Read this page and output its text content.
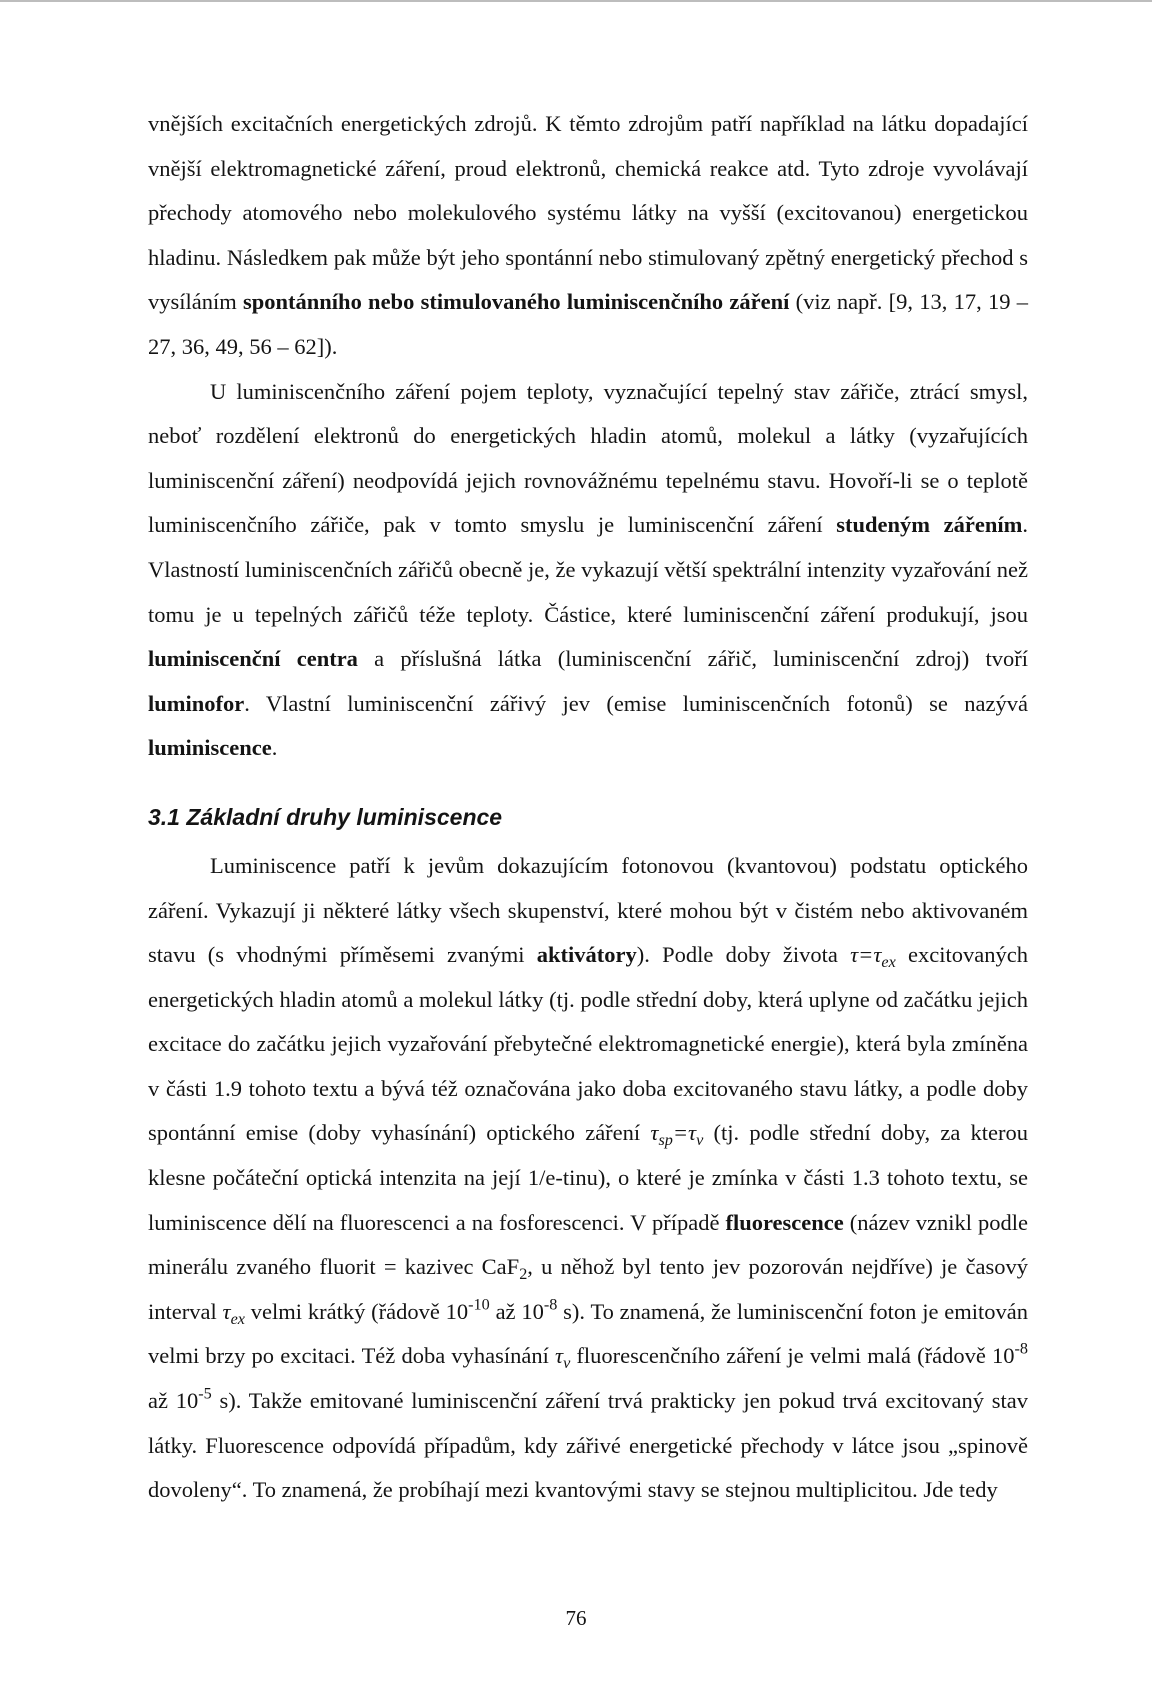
vnějších excitačních energetických zdrojů. K těmto zdrojům patří například na látku dopadající vnější elektromagnetické záření, proud elektronů, chemická reakce atd. Tyto zdroje vyvolávají přechody atomového nebo molekulového systému látky na vyšší (excitovanou) energetickou hladinu. Následkem pak může být jeho spontánní nebo stimulovaný zpětný energetický přechod s vysíláním spontánního nebo stimulovaného luminiscenčního záření (viz např. [9, 13, 17, 19 – 27, 36, 49, 56 – 62]).

U luminiscenčního záření pojem teploty, vyznačující tepelný stav zářiče, ztrácí smysl, neboť rozdělení elektronů do energetických hladin atomů, molekul a látky (vyzařujících luminiscenční záření) neodpovídá jejich rovnovážnému tepelnému stavu. Hovoří-li se o teplotě luminiscenčního zářiče, pak v tomto smyslu je luminiscenční záření studeným zářením. Vlastností luminiscenčních zářičů obecně je, že vykazují větší spektrální intenzity vyzařování než tomu je u tepelných zářičů téže teploty. Částice, které luminiscenční záření produkují, jsou luminiscenční centra a příslušná látka (luminiscenční zářič, luminiscenční zdroj) tvoří luminofor. Vlastní luminiscenční zářivý jev (emise luminiscenčních fotonů) se nazývá luminiscence.

3.1 Základní druhy luminiscence

Luminiscence patří k jevům dokazujícím fotonovou (kvantovou) podstatu optického záření. Vykazují ji některé látky všech skupenství, které mohou být v čistém nebo aktivovaném stavu (s vhodnými příměsemi zvanými aktivátory). Podle doby života $\tau=\tau_{ex}$ excitovaných energetických hladin atomů a molekul látky (tj. podle střední doby, která uplyne od začátku jejich excitace do začátku jejich vyzařování přebytečné elektromagnetické energie), která byla zmíněna v části 1.9 tohoto textu a bývá též označována jako doba excitovaného stavu látky, a podle doby spontánní emise (doby vyhasínání) optického záření $\tau_{sp}=\tau_v$ (tj. podle střední doby, za kterou klesne počáteční optická intenzita na její 1/e-tinu), o které je zmínka v části 1.3 tohoto textu, se luminiscence dělí na fluorescenci a na fosforescenci. V případě fluorescence (název vznikl podle minerálu zvaného fluorit = kazivec CaF$_2$, u něhož byl tento jev pozorován nejdříve) je časový interval $\tau_{ex}$ velmi krátký (řádově $10^{-10}$ až $10^{-8}$ s). To znamená, že luminiscenční foton je emitován velmi brzy po excitaci. Též doba vyhasínání $\tau_v$ fluorescenčního záření je velmi malá (řádově $10^{-8}$ až $10^{-5}$ s). Takže emitované luminiscenční záření trvá prakticky jen pokud trvá excitovaný stav látky. Fluorescence odpovídá případům, kdy zářivé energetické přechody v látce jsou „spinově dovoleny“. To znamená, že probíhají mezi kvantovými stavy se stejnou multiplicitou. Jde tedy

76
